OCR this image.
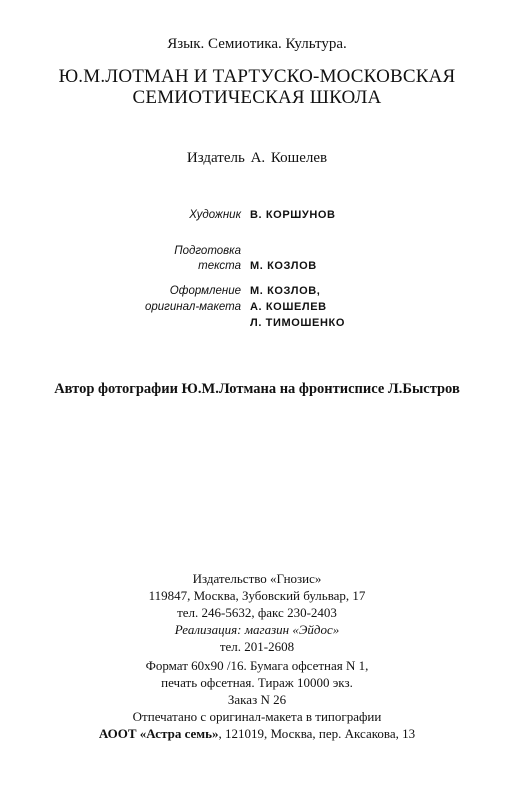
Язык. Семиотика. Культура.
Ю.М.ЛОТМАН И ТАРТУСКО-МОСКОВСКАЯ
СЕМИОТИЧЕСКАЯ ШКОЛА
Издатель А. Кошелев
Художник В. КОРШУНОВ
Подготовка
текста М. КОЗЛОВ
Оформление
оригинал-макета
М. КОЗЛОВ,
А. КОШЕЛЕВ
Л. ТИМОШЕНКО
Автор фотографии Ю.М.Лотмана на фронтисписе Л.Быстров
Издательство «Гнозис»
119847, Москва, Зубовский бульвар, 17
тел. 246-5632, факс 230-2403
Реализация: магазин «Эйдос»
тел. 201-2608
Формат 60х90 /16. Бумага офсетная N 1,
печать офсетная. Тираж 10000 экз.
Заказ N 26
Отпечатано с оригинал-макета в типографии
АООТ «Астра семь», 121019, Москва, пер. Аксакова, 13
